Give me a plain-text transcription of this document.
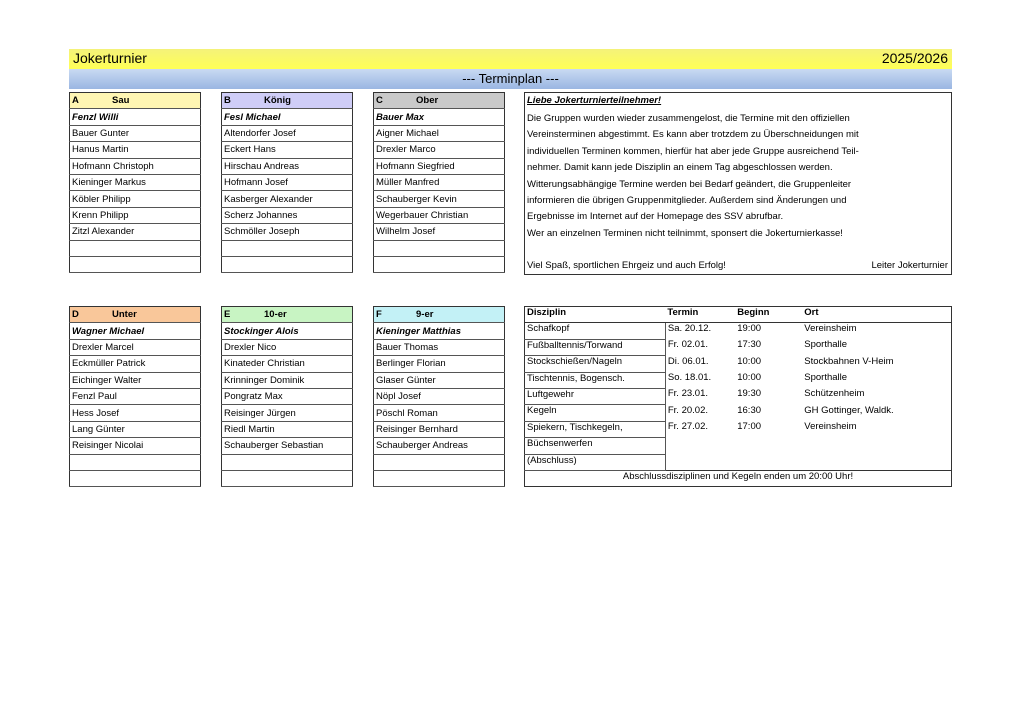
Jokerturnier	2025/2026
--- Terminplan ---
A	Sau
Fenzl Willi
Bauer Gunter
Hanus Martin
Hofmann Christoph
Kieninger Markus
Köbler Philipp
Krenn Philipp
Zitzl Alexander

B	König
Fesl Michael
Altendorfer Josef
Eckert Hans
Hirschau Andreas
Hofmann Josef
Kasberger Alexander
Scherz Johannes
Schmöller Joseph

C	Ober
Bauer Max
Aigner Michael
Drexler Marco
Hofmann Siegfried
Müller Manfred
Schauberger Kevin
Wegerbauer Christian
Wilhelm Josef

D	Unter
Wagner Michael
Drexler Marcel
Eckmüller Patrick
Eichinger Walter
Fenzl Paul
Hess Josef
Lang Günter
Reisinger Nicolai

E	10-er
Stockinger Alois
Drexler Nico
Kinateder Christian
Krinninger Dominik
Pongratz Max
Reisinger Jürgen
Riedl Martin
Schauberger Sebastian

F	9-er
Kieninger Matthias
Bauer Thomas
Berlinger Florian
Glaser Günter
Nöpl Josef
Pöschl Roman
Reisinger Bernhard
Schauberger Andreas

Liebe Jokerturnierteilnehmer!
Die Gruppen wurden wieder zusammengelost, die Termine mit den offiziellen
Vereinsterminen abgestimmt. Es kann aber trotzdem zu Überschneidungen mit
individuellen Terminen kommen, hierfür hat aber jede Gruppe ausreichend Teil-
nehmer. Damit kann jede Disziplin an einem Tag abgeschlossen werden.
Witterungsabhängige Termine werden bei Bedarf geändert, die Gruppenleiter
informieren die übrigen Gruppenmitglieder. Außerdem sind Änderungen und
Ergebnisse im Internet auf der Homepage des SSV abrufbar.
Wer an einzelnen Terminen nicht teilnimmt, sponsert die Jokerturnierkasse!
Viel Spaß, sportlichen Ehrgeiz und auch Erfolg!	Leiter Jokerturnier
Disziplin	Termin	Beginn	Ort
Schafkopf	Sa. 20.12.	19:00	Vereinsheim
Fußballtennis/Torwand	Fr. 02.01.	17:30	Sporthalle
Stockschießen/Nageln	Di. 06.01.	10:00	Stockbahnen V-Heim
Tischtennis, Bogensch.	So. 18.01.	10:00	Sporthalle
Luftgewehr	Fr. 23.01.	19:30	Schützenheim
Kegeln	Fr. 20.02.	16:30	GH Gottinger, Waldk.
Spiekern, Tischkegeln,	Fr. 27.02.	17:00	Vereinsheim
Büchsenwerfen			
(Abschluss)			
Abschlussdisziplinen und Kegeln enden um 20:00 Uhr!			
